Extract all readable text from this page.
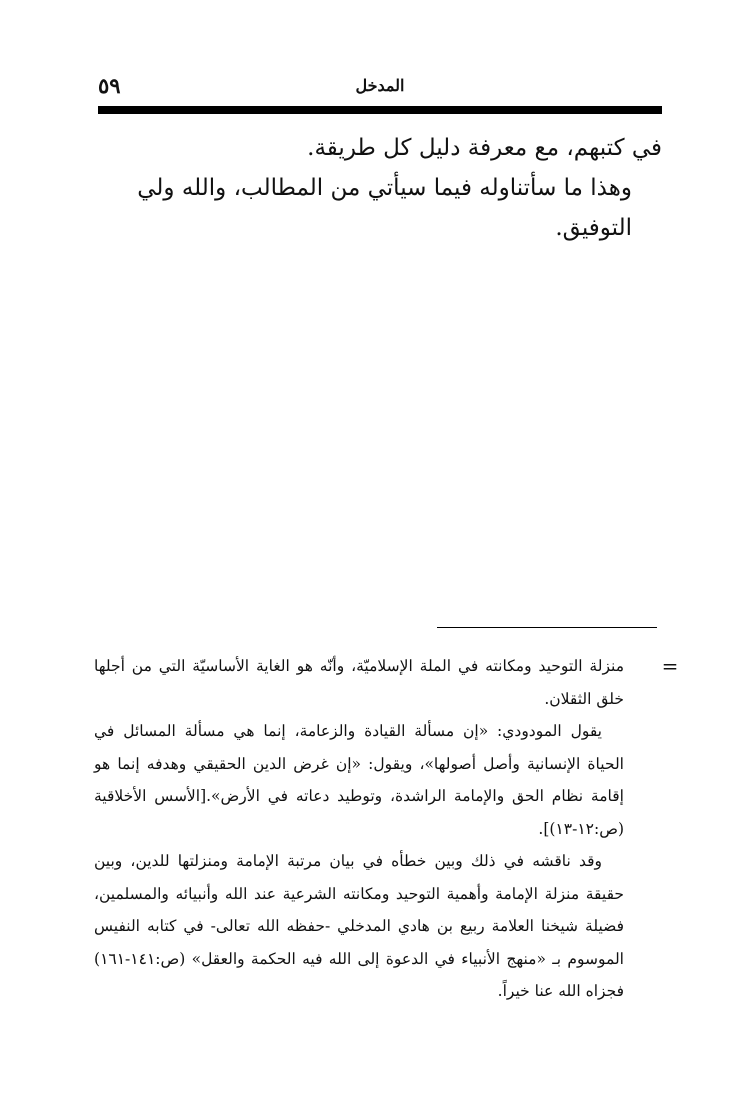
٥٩	المدخل

في كتبهم، مع معرفة دليل كل طريقة.

وهذا ما سأتناوله فيما سيأتي من المطالب، والله ولي التوفيق.

=

منزلة التوحيد ومكانته في الملة الإسلاميّة، وأنّه هو الغاية الأساسيّة التي من أجلها خلق الثقلان.

يقول المودودي: «إن مسألة القيادة والزعامة، إنما هي مسألة المسائل في الحياة الإنسانية وأصل أصولها»، ويقول: «إن غرض الدين الحقيقي وهدفه إنما هو إقامة نظام الحق والإمامة الراشدة، وتوطيد دعاته في الأرض».[الأسس الأخلاقية (ص:١٢-١٣)].

وقد ناقشه في ذلك وبين خطأه في بيان مرتبة الإمامة ومنزلتها للدين، وبين حقيقة منزلة الإمامة وأهمية التوحيد ومكانته الشرعية عند الله وأنبيائه والمسلمين، فضيلة شيخنا العلامة ربيع بن هادي المدخلي -حفظه الله تعالى- في كتابه النفيس الموسوم بـ «منهج الأنبياء في الدعوة إلى الله فيه الحكمة والعقل» (ص:١٤١-١٦١) فجزاه الله عنا خيراً.
